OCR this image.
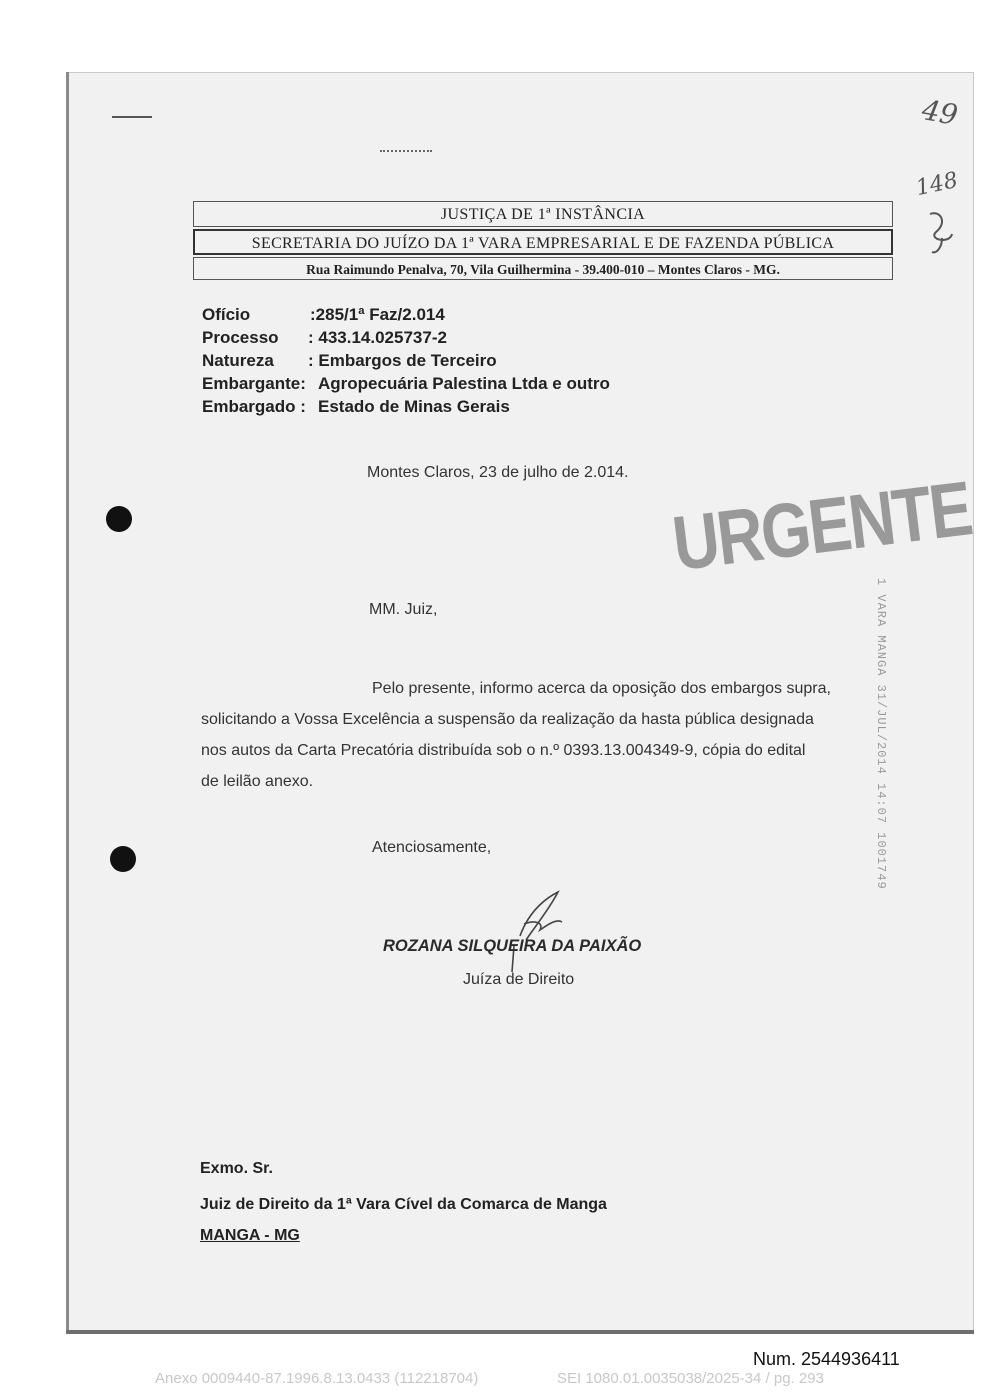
49
148
JUSTIÇA DE 1ª INSTÂNCIA
SECRETARIA DO JUÍZO DA 1ª VARA EMPRESARIAL E DE FAZENDA PÚBLICA
Rua Raimundo Penalva, 70, Vila Guilhermina - 39.400-010 – Montes Claros - MG.
Ofício	:285/1ª Faz/2.014
Processo : 433.14.025737-2
Natureza : Embargos de Terceiro
Embargante: Agropecuária Palestina Ltda e outro
Embargado : Estado de Minas Gerais
Montes Claros, 23 de julho de 2.014. URGENTE
1 VARA MANGA 31/JUL/2014 14:07 1001749
MM. Juiz,
Pelo presente, informo acerca da oposição dos embargos supra,
solicitando a Vossa Excelência a suspensão da realização da hasta pública designada
nos autos da Carta Precatória distribuída sob o n.º 0393.13.004349-9, cópia do edital
de leilão anexo.
Atenciosamente,
ROZANA SILQUEIRA DA PAIXÃO
Juíza de Direito
Exmo. Sr.
Juiz de Direito da 1ª Vara Cível da Comarca de Manga
MANGA - MG
Num. 2544936411
Anexo 0009440-87.1996.8.13.0433 (112218704)	SEI 1080.01.0035038/2025-34 / pg. 293
